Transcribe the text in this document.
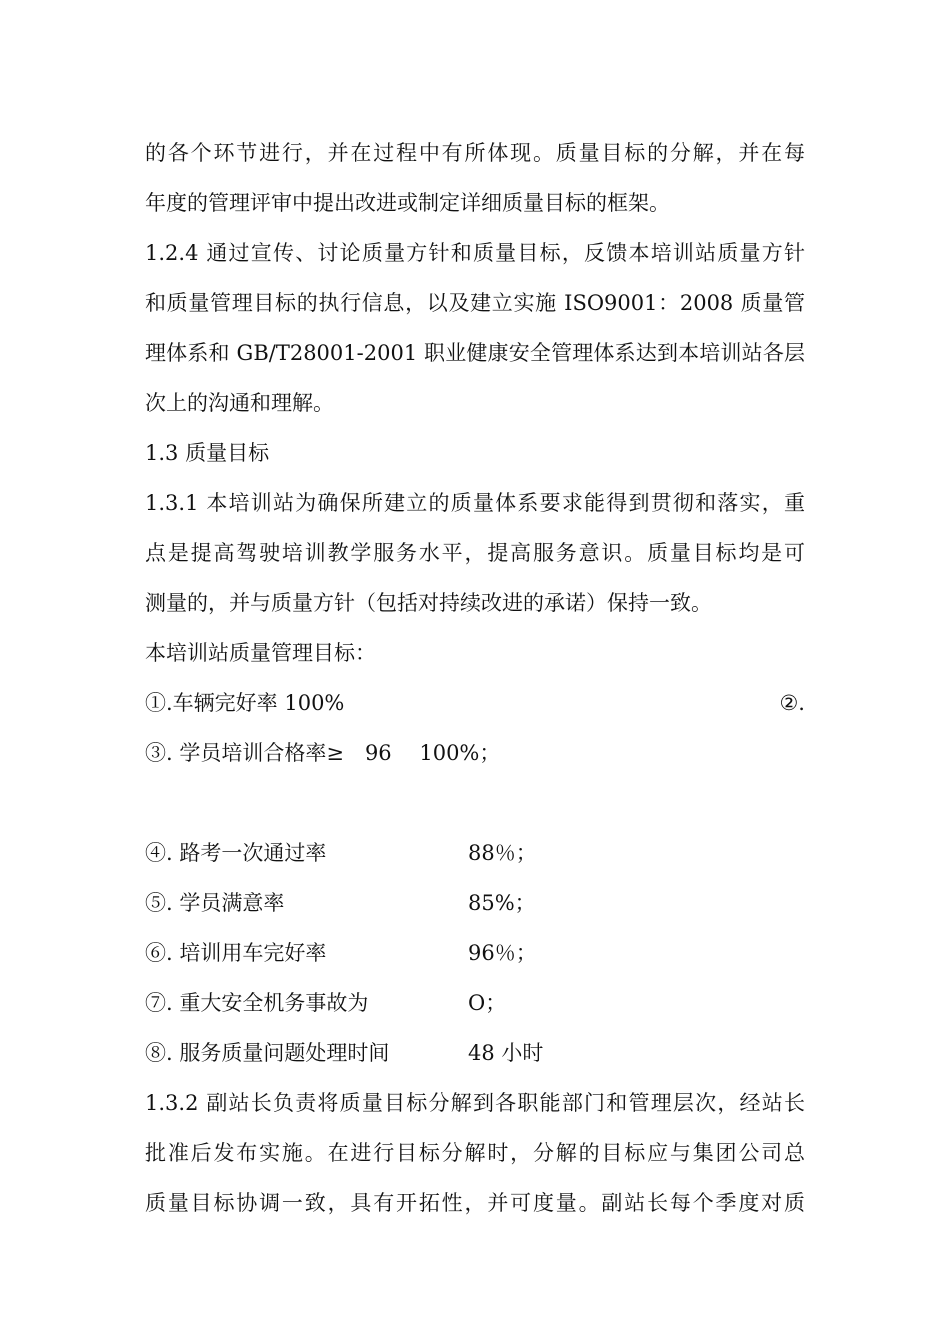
的各个环节进行，并在过程中有所体现。质量目标的分解，并在每
年度的管理评审中提出改进或制定详细质量目标的框架。
1.2.4 通过宣传、讨论质量方针和质量目标，反馈本培训站质量方针
和质量管理目标的执行信息，以及建立实施 ISO9001：2008 质量管
理体系和 GB/T28001-2001 职业健康安全管理体系达到本培训站各层
次上的沟通和理解。
1.3 质量目标
1.3.1 本培训站为确保所建立的质量体系要求能得到贯彻和落实，重
点是提高驾驶培训教学服务水平，提高服务意识。质量目标均是可
测量的，并与质量方针（包括对持续改进的承诺）保持一致。
本培训站质量管理目标：
①.车辆完好率 100%	②.
③. 学员培训合格率≥　96　 100%；
④. 路考一次通过率	88％；
⑤. 学员满意率	85%；
⑥. 培训用车完好率	96％；
⑦. 重大安全机务事故为	O；
⑧. 服务质量问题处理时间	48 小时
1.3.2 副站长负责将质量目标分解到各职能部门和管理层次，经站长
批准后发布实施。在进行目标分解时，分解的目标应与集团公司总
质量目标协调一致，具有开拓性，并可度量。副站长每个季度对质
